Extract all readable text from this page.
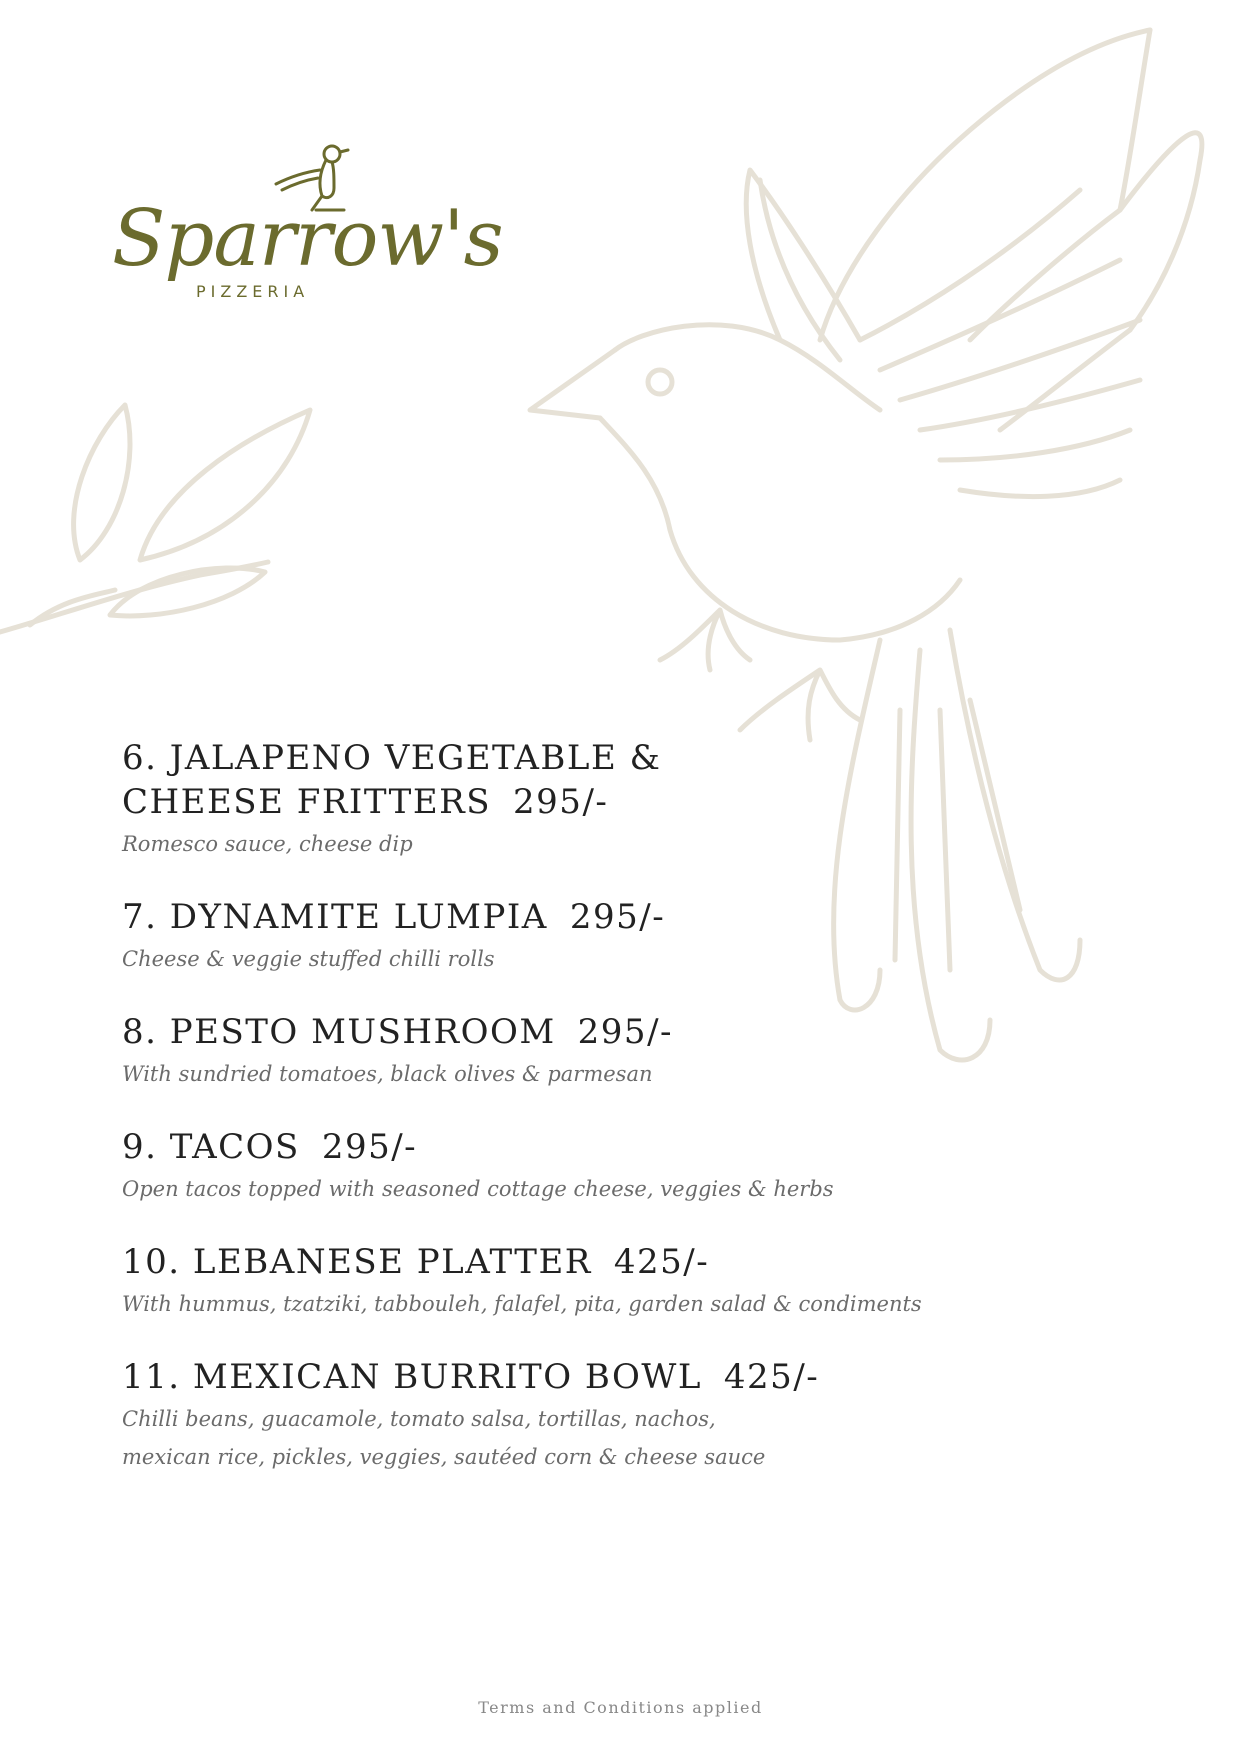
Sparrow's
PIZZERIA
6. JALAPENO VEGETABLE &
CHEESE FRITTERS 295/-
Romesco sauce, cheese dip
7. DYNAMITE LUMPIA 295/-
Cheese & veggie stuffed chilli rolls
8. PESTO MUSHROOM 295/-
With sundried tomatoes, black olives & parmesan
9. TACOS 295/-
Open tacos topped with seasoned cottage cheese, veggies & herbs
10. LEBANESE PLATTER 425/-
With hummus, tzatziki, tabbouleh, falafel, pita, garden salad & condiments
11. MEXICAN BURRITO BOWL 425/-
Chilli beans, guacamole, tomato salsa, tortillas, nachos,
mexican rice, pickles, veggies, sautéed corn & cheese sauce
Terms and Conditions applied
